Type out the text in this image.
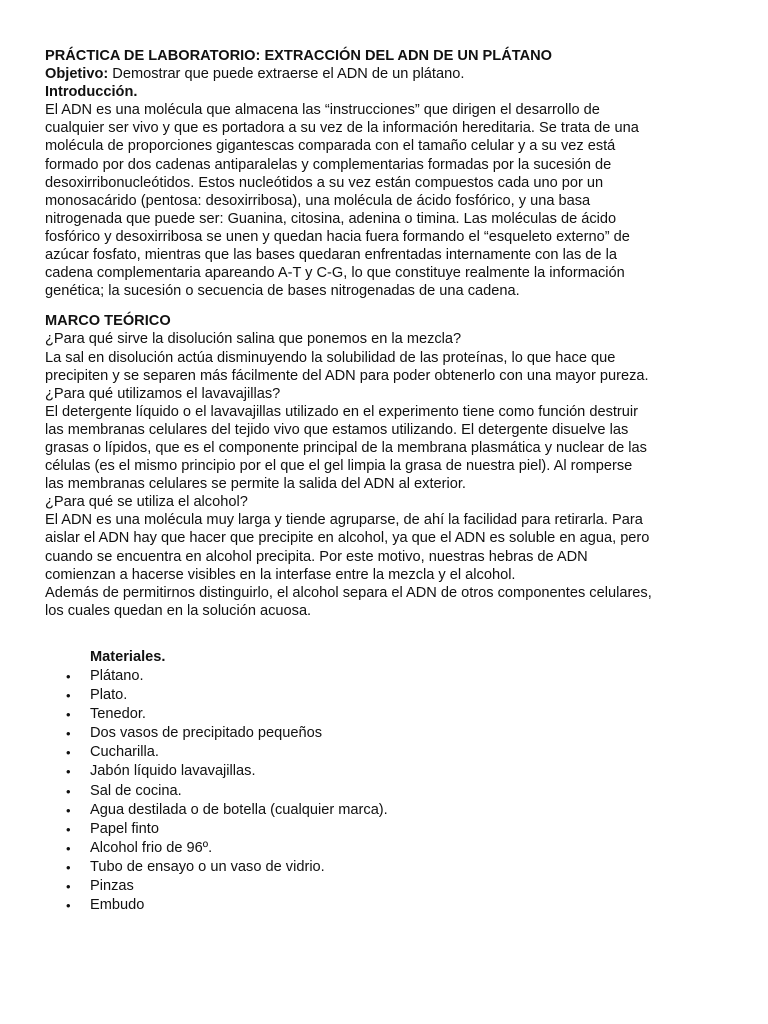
PRÁCTICA DE LABORATORIO: EXTRACCIÓN DEL ADN DE UN PLÁTANO
Objetivo: Demostrar que puede extraerse el ADN de un plátano.
Introducción.
El ADN es una molécula que almacena las “instrucciones” que dirigen el desarrollo de
cualquier ser vivo y que es portadora a su vez de la información hereditaria. Se trata de una
molécula de proporciones gigantescas comparada con el tamaño celular y a su vez está
formado por dos cadenas antiparalelas y complementarias formadas por la sucesión de
desoxirribonucleótidos. Estos nucleótidos a su vez están compuestos cada uno por un
monosacárido (pentosa: desoxirribosa), una molécula de ácido fosfórico, y una basa
nitrogenada que puede ser: Guanina, citosina, adenina o timina. Las moléculas de ácido
fosfórico y desoxirribosa se unen y quedan hacia fuera formando el “esqueleto externo” de
azúcar fosfato, mientras que las bases quedaran enfrentadas internamente con las de la
cadena complementaria apareando A-T y C-G, lo que constituye realmente la información
genética; la sucesión o secuencia de bases nitrogenadas de una cadena.
MARCO TEÓRICO
¿Para qué sirve la disolución salina que ponemos en la mezcla?
La sal en disolución actúa disminuyendo la solubilidad de las proteínas, lo que hace que
precipiten y se separen más fácilmente del ADN para poder obtenerlo con una mayor pureza.
¿Para qué utilizamos el lavavajillas?
El detergente líquido o el lavavajillas utilizado en el experimento tiene como función destruir
las membranas celulares del tejido vivo que estamos utilizando. El detergente disuelve las
grasas o lípidos, que es el componente principal de la membrana plasmática y nuclear de las
células (es el mismo principio por el que el gel limpia la grasa de nuestra piel). Al romperse
las membranas celulares se permite la salida del ADN al exterior.
¿Para qué se utiliza el alcohol?
El ADN es una molécula muy larga y tiende agruparse, de ahí la facilidad para retirarla. Para
aislar el ADN hay que hacer que precipite en alcohol, ya que el ADN es soluble en agua, pero
cuando se encuentra en alcohol precipita. Por este motivo, nuestras hebras de ADN
comienzan a hacerse visibles en la interfase entre la mezcla y el alcohol.
Además de permitirnos distinguirlo, el alcohol separa el ADN de otros componentes celulares,
los cuales quedan en la solución acuosa.
Materiales.
• Plátano.
• Plato.
• Tenedor.
• Dos vasos de precipitado pequeños
• Cucharilla.
• Jabón líquido lavavajillas.
• Sal de cocina.
• Agua destilada o de botella (cualquier marca).
• Papel finto
• Alcohol frio de 96º.
• Tubo de ensayo o un vaso de vidrio.
• Pinzas
• Embudo
